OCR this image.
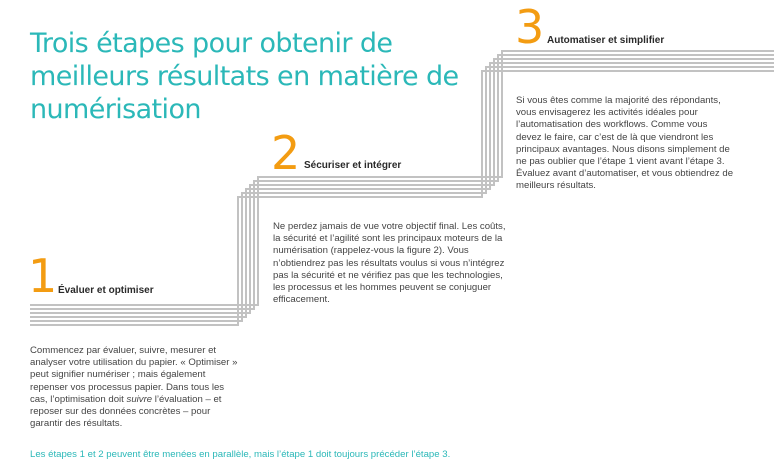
Trois étapes pour obtenir de meilleurs résultats en matière de numérisation
1 Évaluer et optimiser

Commencez par évaluer, suivre, mesurer et analyser votre utilisation du papier. « Optimiser » peut signifier numériser ; mais également repenser vos processus papier. Dans tous les cas, l’optimisation doit suivre l’évaluation – et reposer sur des données concrètes – pour garantir des résultats.

2 Sécuriser et intégrer

Ne perdez jamais de vue votre objectif final. Les coûts, la sécurité et l’agilité sont les principaux moteurs de la numérisation (rappelez-vous la figure 2). Vous n’obtiendrez pas les résultats voulus si vous n’intégrez pas la sécurité et ne vérifiez pas que les technologies, les processus et les hommes peuvent se conjuguer efficacement.

3 Automatiser et simplifier

Si vous êtes comme la majorité des répondants, vous envisagerez les activités idéales pour l’automatisation des workflows. Comme vous devez le faire, car c’est de là que viendront les principaux avantages. Nous disons simplement de ne pas oublier que l’étape 1 vient avant l’étape 3. Évaluez avant d’automatiser, et vous obtiendrez de meilleurs résultats.

Les étapes 1 et 2 peuvent être menées en parallèle, mais l’étape 1 doit toujours précéder l’étape 3.
